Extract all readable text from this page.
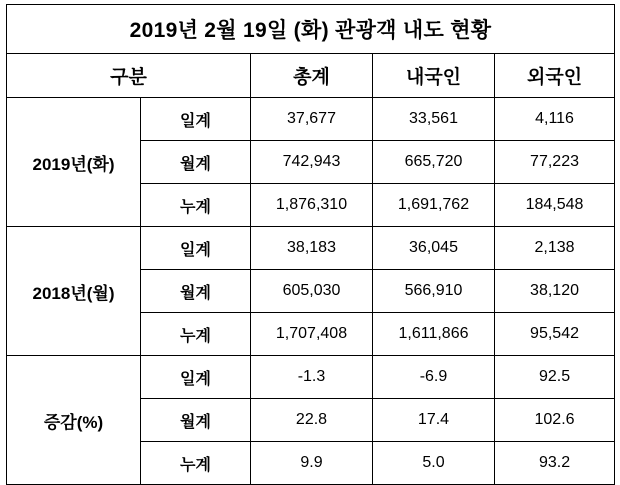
2019년 2월 19일 (화) 관광객 내도 현황				
구분		총계	내국인	외국인
2019년(화)	일계	37,677	33,561	4,116
	월계	742,943	665,720	77,223
	누계	1,876,310	1,691,762	184,548
2018년(월)	일계	38,183	36,045	2,138
	월계	605,030	566,910	38,120
	누계	1,707,408	1,611,866	95,542
증감(%)	일계	-1.3	-6.9	92.5
	월계	22.8	17.4	102.6
	누계	9.9	5.0	93.2
